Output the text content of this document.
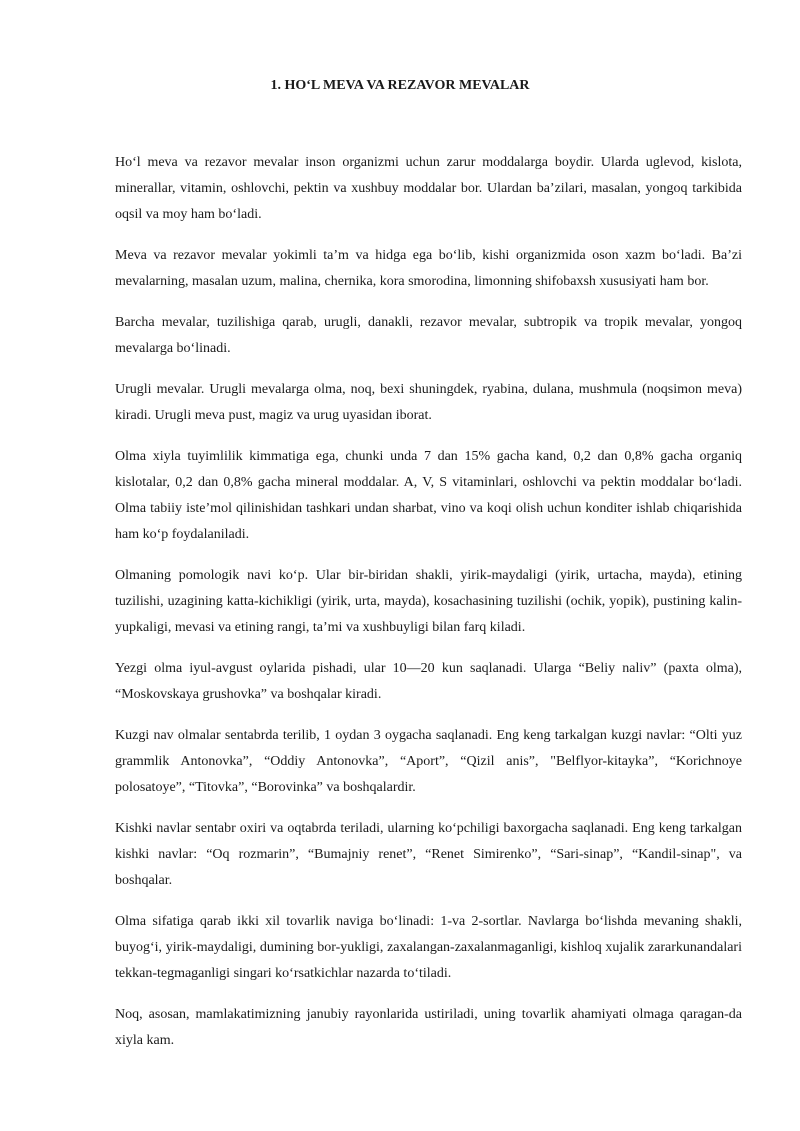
1. HO‘L MEVA VA REZAVOR MEVALAR

Ho‘l meva va rezavor mevalar inson organizmi uchun zarur moddalarga boydir. Ularda uglevod, kislota, minerallar, vitamin, oshlovchi, pektin va xushbuy moddalar bor. Ulardan ba’zilari, masalan, yongoq tarkibida oqsil va moy ham bo‘ladi.

Meva va rezavor mevalar yokimli ta’m va hidga ega bo‘lib, kishi organizmida oson xazm bo‘ladi. Ba’zi mevalarning, masalan uzum, malina, chernika, kora smorodina, limonning shifobaxsh xususiyati ham bor.

Barcha mevalar, tuzilishiga qarab, urugli, danakli, rezavor mevalar, subtropik va tropik mevalar, yongoq mevalarga bo‘linadi.

Urugli mevalar. Urugli mevalarga olma, noq, bexi shuningdek, ryabina, dulana, mushmula (noqsimon meva) kiradi. Urugli meva pust, magiz va urug uyasidan iborat.

Olma xiyla tuyimlilik kimmatiga ega, chunki unda 7 dan 15% gacha kand, 0,2 dan 0,8% gacha organiq kislotalar, 0,2 dan 0,8% gacha mineral moddalar. A, V, S vitaminlari, oshlovchi va pektin moddalar bo‘ladi. Olma tabiiy iste’mol qilinishidan tashkari undan sharbat, vino va koqi olish uchun konditer ishlab chiqarishida ham ko‘p foydalaniladi.

Olmaning pomologik navi ko‘p. Ular bir-biridan shakli, yirik-maydaligi (yirik, urtacha, mayda), etining tuzilishi, uzagining katta-kichikligi (yirik, urta, mayda), kosachasining tuzilishi (ochik, yopik), pustining kalin-yupkaligi, mevasi va etining rangi, ta’mi va xushbuyligi bilan farq kiladi.

Yezgi olma iyul-avgust oylarida pishadi, ular 10—20 kun saqlanadi. Ularga “Beliy naliv” (paxta olma), “Moskovskaya grushovka” va boshqalar kiradi.

Kuzgi nav olmalar sentabrda terilib, 1 oydan 3 oygacha saqlanadi. Eng keng tarkalgan kuzgi navlar: “Olti yuz grammlik Antonovka”, “Oddiy Antonovka”, “Aport”, “Qizil anis”, "Belflyor-kitayka”, “Korichnoye polosatoye”, “Titovka”, “Borovinka” va boshqalardir.

Kishki navlar sentabr oxiri va oqtabrda teriladi, ularning ko‘pchiligi baxorgacha saqlanadi. Eng keng tarkalgan kishki navlar: “Oq rozmarin”, “Bumajniy renet”, “Renet Simirenko”, “Sari-sinap”, “Kandil-sinap", va boshqalar.

Olma sifatiga qarab ikki xil tovarlik naviga bo‘linadi: 1-va 2-sortlar. Navlarga bo‘lishda mevaning shakli, buyog‘i, yirik-maydaligi, dumining bor-yukligi, zaxalangan-zaxalanmaganligi, kishloq xujalik zararkunandalari tekkan-tegmaganligi singari ko‘rsatkichlar nazarda to‘tiladi.

Noq, asosan, mamlakatimizning janubiy rayonlarida ustiriladi, uning tovarlik ahamiyati olmaga qaragan-da xiyla kam.
